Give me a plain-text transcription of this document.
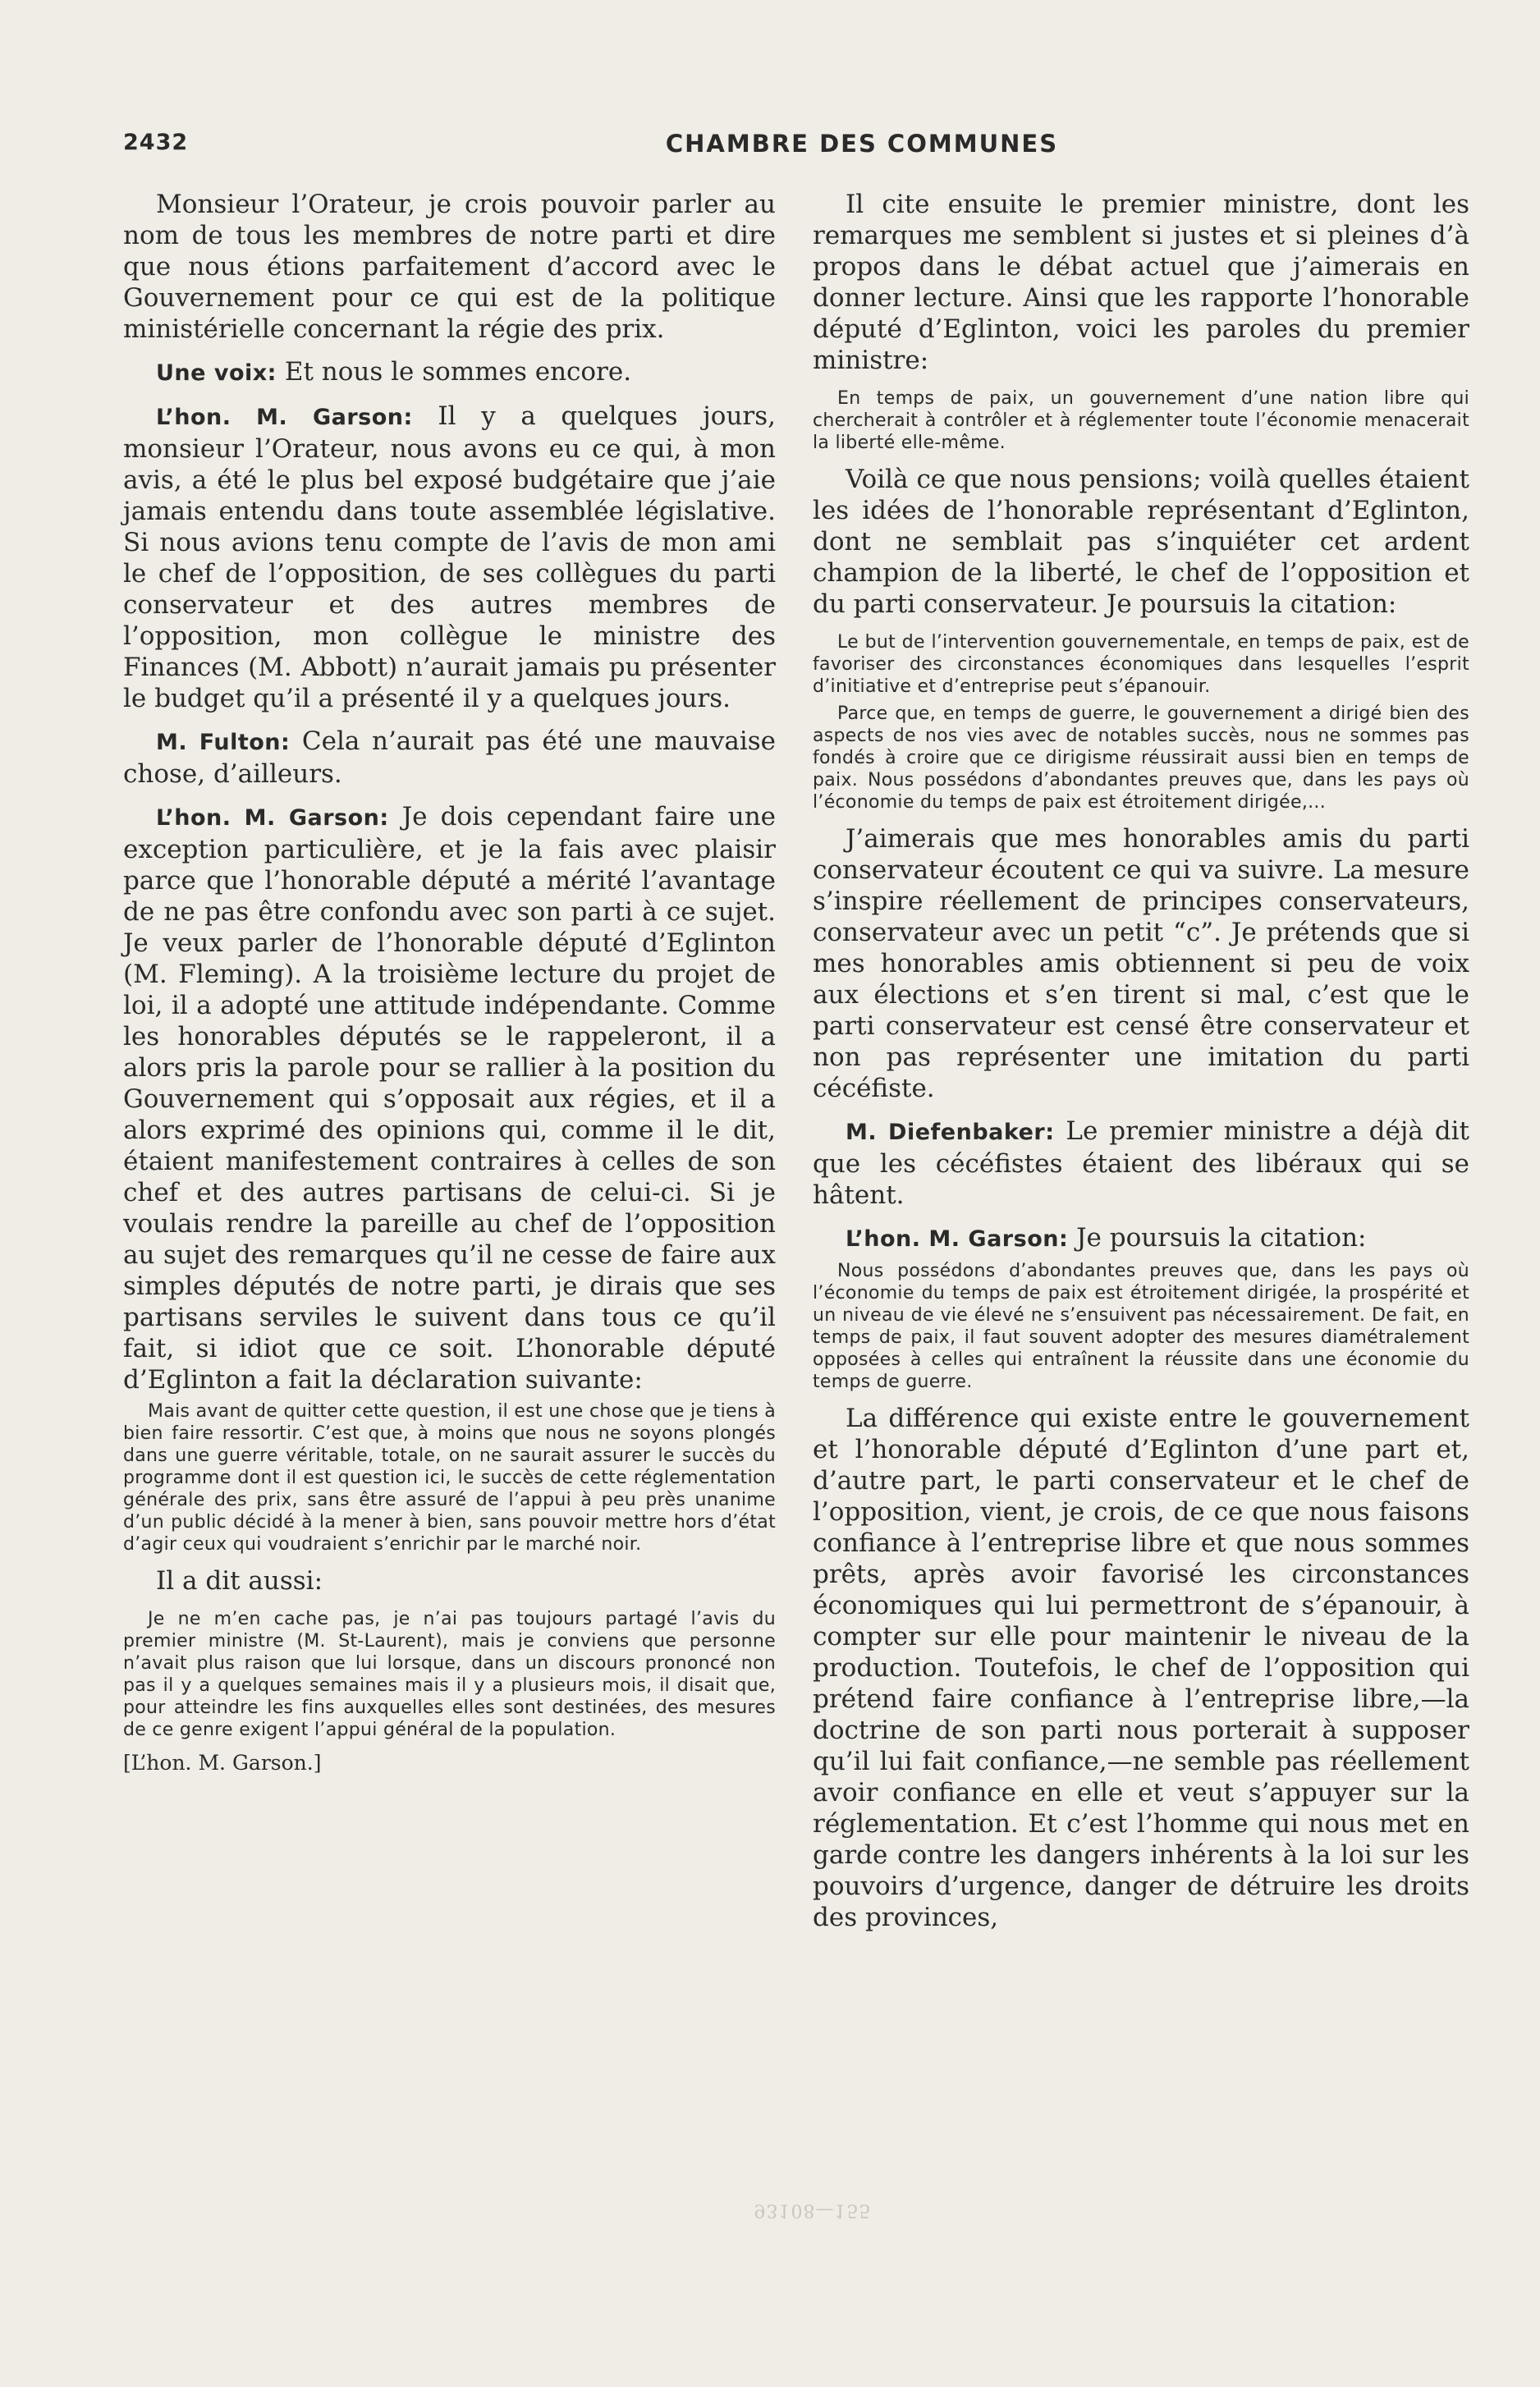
2432	CHAMBRE DES COMMUNES

Monsieur l’Orateur, je crois pouvoir parler au nom de tous les membres de notre parti et dire que nous étions parfaitement d’accord avec le Gouvernement pour ce qui est de la politique ministérielle concernant la régie des prix.

Une voix: Et nous le sommes encore.

L’hon. M. Garson: Il y a quelques jours, monsieur l’Orateur, nous avons eu ce qui, à mon avis, a été le plus bel exposé budgétaire que j’aie jamais entendu dans toute assemblée législative. Si nous avions tenu compte de l’avis de mon ami le chef de l’opposition, de ses collègues du parti conservateur et des autres membres de l’opposition, mon collègue le ministre des Finances (M. Abbott) n’aurait jamais pu présenter le budget qu’il a présenté il y a quelques jours.

M. Fulton: Cela n’aurait pas été une mauvaise chose, d’ailleurs.

L’hon. M. Garson: Je dois cependant faire une exception particulière, et je la fais avec plaisir parce que l’honorable député a mérité l’avantage de ne pas être confondu avec son parti à ce sujet. Je veux parler de l’honorable député d’Eglinton (M. Fleming). A la troisième lecture du projet de loi, il a adopté une attitude indépendante. Comme les honorables députés se le rappeleront, il a alors pris la parole pour se rallier à la position du Gouvernement qui s’opposait aux régies, et il a alors exprimé des opinions qui, comme il le dit, étaient manifestement contraires à celles de son chef et des autres partisans de celui-ci. Si je voulais rendre la pareille au chef de l’opposition au sujet des remarques qu’il ne cesse de faire aux simples députés de notre parti, je dirais que ses partisans serviles le suivent dans tous ce qu’il fait, si idiot que ce soit. L’honorable député d’Eglinton a fait la déclaration suivante:

Mais avant de quitter cette question, il est une chose que je tiens à bien faire ressortir. C’est que, à moins que nous ne soyons plongés dans une guerre véritable, totale, on ne saurait assurer le succès du programme dont il est question ici, le succès de cette réglementation générale des prix, sans être assuré de l’appui à peu près unanime d’un public décidé à la mener à bien, sans pouvoir mettre hors d’état d’agir ceux qui voudraient s’enrichir par le marché noir.

Il a dit aussi:

Je ne m’en cache pas, je n’ai pas toujours partagé l’avis du premier ministre (M. St-Laurent), mais je conviens que personne n’avait plus raison que lui lorsque, dans un discours prononcé non pas il y a quelques semaines mais il y a plusieurs mois, il disait que, pour atteindre les fins auxquelles elles sont destinées, des mesures de ce genre exigent l’appui général de la population.

[L’hon. M. Garson.]

Il cite ensuite le premier ministre, dont les remarques me semblent si justes et si pleines d’à propos dans le débat actuel que j’aimerais en donner lecture. Ainsi que les rapporte l’honorable député d’Eglinton, voici les paroles du premier ministre:

En temps de paix, un gouvernement d’une nation libre qui chercherait à contrôler et à réglementer toute l’économie menacerait la liberté elle-même.

Voilà ce que nous pensions; voilà quelles étaient les idées de l’honorable représentant d’Eglinton, dont ne semblait pas s’inquiéter cet ardent champion de la liberté, le chef de l’opposition et du parti conservateur. Je poursuis la citation:

Le but de l’intervention gouvernementale, en temps de paix, est de favoriser des circonstances économiques dans lesquelles l’esprit d’initiative et d’entreprise peut s’épanouir.

Parce que, en temps de guerre, le gouvernement a dirigé bien des aspects de nos vies avec de notables succès, nous ne sommes pas fondés à croire que ce dirigisme réussirait aussi bien en temps de paix. Nous possédons d’abondantes preuves que, dans les pays où l’économie du temps de paix est étroitement dirigée,...

J’aimerais que mes honorables amis du parti conservateur écoutent ce qui va suivre. La mesure s’inspire réellement de principes conservateurs, conservateur avec un petit “c”. Je prétends que si mes honorables amis obtiennent si peu de voix aux élections et s’en tirent si mal, c’est que le parti conservateur est censé être conservateur et non pas représenter une imitation du parti cécéfiste.

M. Diefenbaker: Le premier ministre a déjà dit que les cécéfistes étaient des libéraux qui se hâtent.

L’hon. M. Garson: Je poursuis la citation:

Nous possédons d’abondantes preuves que, dans les pays où l’économie du temps de paix est étroitement dirigée, la prospérité et un niveau de vie élevé ne s’ensuivent pas nécessairement. De fait, en temps de paix, il faut souvent adopter des mesures diamétralement opposées à celles qui entraînent la réussite dans une économie du temps de guerre.

La différence qui existe entre le gouvernement et l’honorable député d’Eglinton d’une part et, d’autre part, le parti conservateur et le chef de l’opposition, vient, je crois, de ce que nous faisons confiance à l’entreprise libre et que nous sommes prêts, après avoir favorisé les circonstances économiques qui lui permettront de s’épanouir, à compter sur elle pour maintenir le niveau de la production. Toutefois, le chef de l’opposition qui prétend faire confiance à l’entreprise libre,—la doctrine de son parti nous porterait à supposer qu’il lui fait confiance,—ne semble pas réellement avoir confiance en elle et veut s’appuyer sur la réglementation. Et c’est l’homme qui nous met en garde contre les dangers inhérents à la loi sur les pouvoirs d’urgence, danger de détruire les droits des provinces,

93108—155
